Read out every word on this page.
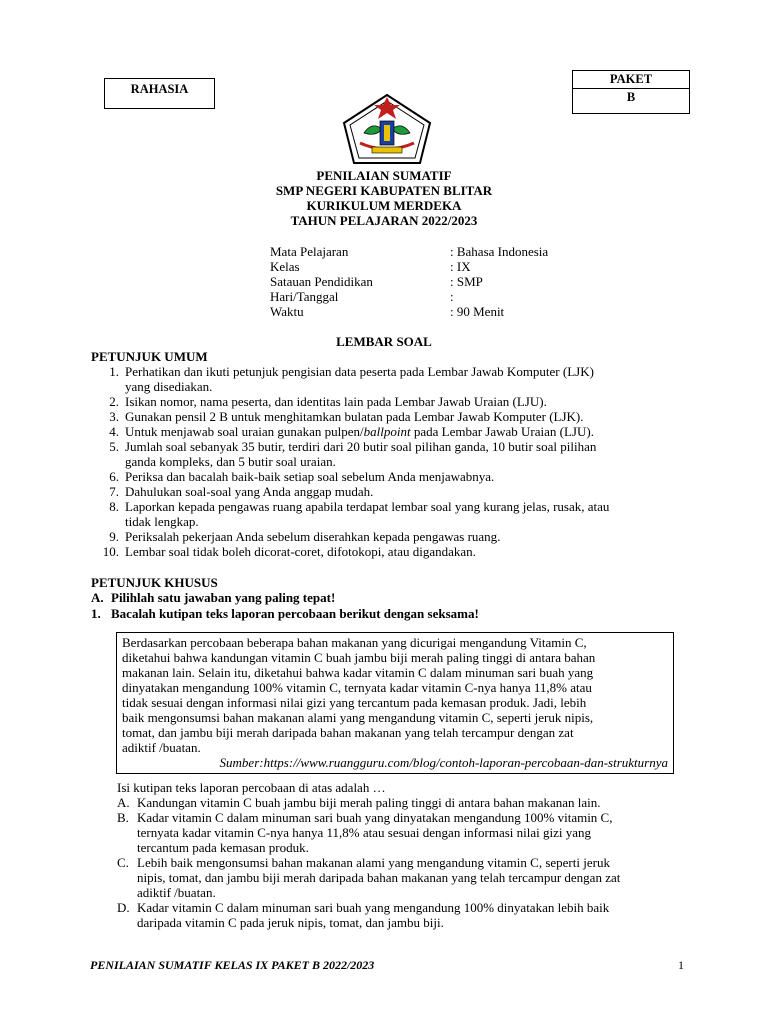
RAHASIA
PAKET
B
PENILAIAN SUMATIF
SMP NEGERI KABUPATEN BLITAR
KURIKULUM MERDEKA
TAHUN PELAJARAN 2022/2023
Mata Pelajaran	: Bahasa Indonesia
Kelas	: IX
Satauan Pendidikan	: SMP
Hari/Tanggal	:
Waktu	: 90 Menit
LEMBAR SOAL
PETUNJUK UMUM
1. Perhatikan dan ikuti petunjuk pengisian data peserta pada Lembar Jawab Komputer (LJK)
yang disediakan.
2. Isikan nomor, nama peserta, dan identitas lain pada Lembar Jawab Uraian (LJU).
3. Gunakan pensil 2 B untuk menghitamkan bulatan pada Lembar Jawab Komputer (LJK).
4. Untuk menjawab soal uraian gunakan pulpen/ballpoint pada Lembar Jawab Uraian (LJU).
5. Jumlah soal sebanyak 35 butir, terdiri dari 20 butir soal pilihan ganda, 10 butir soal pilihan
ganda kompleks, dan 5 butir soal uraian.
6. Periksa dan bacalah baik-baik setiap soal sebelum Anda menjawabnya.
7. Dahulukan soal-soal yang Anda anggap mudah.
8. Laporkan kepada pengawas ruang apabila terdapat lembar soal yang kurang jelas, rusak, atau
tidak lengkap.
9. Periksalah pekerjaan Anda sebelum diserahkan kepada pengawas ruang.
10. Lembar soal tidak boleh dicorat-coret, difotokopi, atau digandakan.
PETUNJUK KHUSUS
A. Pilihlah satu jawaban yang paling tepat!
1. Bacalah kutipan teks laporan percobaan berikut dengan seksama!
Berdasarkan percobaan beberapa bahan makanan yang dicurigai mengandung Vitamin C,
diketahui bahwa kandungan vitamin C buah jambu biji merah paling tinggi di antara bahan
makanan lain. Selain itu, diketahui bahwa kadar vitamin C dalam minuman sari buah yang
dinyatakan mengandung 100% vitamin C, ternyata kadar vitamin C-nya hanya 11,8% atau
tidak sesuai dengan informasi nilai gizi yang tercantum pada kemasan produk. Jadi, lebih
baik mengonsumsi bahan makanan alami yang mengandung vitamin C, seperti jeruk nipis,
tomat, dan jambu biji merah daripada bahan makanan yang telah tercampur dengan zat
adiktif /buatan.
Sumber:https://www.ruangguru.com/blog/contoh-laporan-percobaan-dan-strukturnya
Isi kutipan teks laporan percobaan di atas adalah …
A. Kandungan vitamin C buah jambu biji merah paling tinggi di antara bahan makanan lain.
B. Kadar vitamin C dalam minuman sari buah yang dinyatakan mengandung 100% vitamin C,
ternyata kadar vitamin C-nya hanya 11,8% atau sesuai dengan informasi nilai gizi yang
tercantum pada kemasan produk.
C. Lebih baik mengonsumsi bahan makanan alami yang mengandung vitamin C, seperti jeruk
nipis, tomat, dan jambu biji merah daripada bahan makanan yang telah tercampur dengan zat
adiktif /buatan.
D. Kadar vitamin C dalam minuman sari buah yang mengandung 100% dinyatakan lebih baik
daripada vitamin C pada jeruk nipis, tomat, dan jambu biji.
PENILAIAN SUMATIF KELAS IX PAKET B 2022/2023	1
